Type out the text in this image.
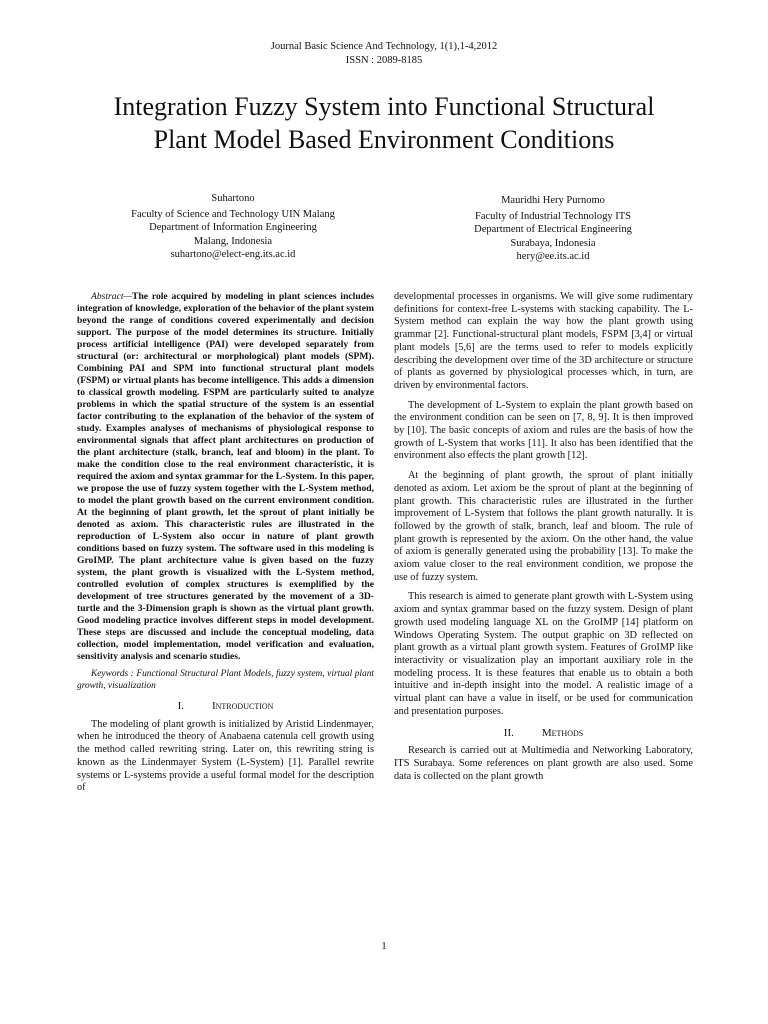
Journal Basic Science And Technology, 1(1),1-4,2012
ISSN : 2089-8185
Integration Fuzzy System into Functional Structural
Plant Model Based Environment Conditions
Suhartono
Faculty of Science and Technology UIN Malang
Department of Information Engineering
Malang, Indonesia
suhartono@elect-eng.its.ac.id
Mauridhi Hery Purnomo
Faculty of Industrial Technology ITS
Department of Electrical Engineering
Surabaya, Indonesia
hery@ee.its.ac.id

Abstract—The role acquired by modeling in plant sciences includes integration of knowledge, exploration of the behavior of the plant system beyond the range of conditions covered experimentally and decision support. The purpose of the model determines its structure. Initially process artificial intelligence (PAI) were developed separately from structural (or: architectural or morphological) plant models (SPM). Combining PAI and SPM into functional structural plant models (FSPM) or virtual plants has become intelligence. This adds a dimension to classical growth modeling. FSPM are particularly suited to analyze problems in which the spatial structure of the system is an essential factor contributing to the explanation of the behavior of the system of study. Examples analyses of mechanisms of physiological response to environmental signals that affect plant architectures on production of the plant architecture (stalk, branch, leaf and bloom) in the plant. To make the condition close to the real environment characteristic, it is required the axiom and syntax grammar for the L-System. In this paper, we propose the use of fuzzy system together with the L-System method, to model the plant growth based on the current environment condition. At the beginning of plant growth, let the sprout of plant initially be denoted as axiom. This characteristic rules are illustrated in the reproduction of L-System also occur in nature of plant growth conditions based on fuzzy system. The software used in this modeling is GroIMP. The plant architecture value is given based on the fuzzy system, the plant growth is visualized with the L-System method, controlled evolution of complex structures is exemplified by the development of tree structures generated by the movement of a 3D-turtle and the 3-Dimension graph is shown as the virtual plant growth. Good modeling practice involves different steps in model development. These steps are discussed and include the conceptual modeling, data collection, model implementation, model verification and evaluation, sensitivity analysis and scenario studies.

Keywords : Functional Structural Plant Models, fuzzy system, virtual plant growth, visualization

I.	Introduction

The modeling of plant growth is initialized by Aristid Lindenmayer, when he introduced the theory of Anabaena catenula cell growth using the method called rewriting string. Later on, this rewriting string is known as the Lindenmayer System (L-System) [1]. Parallel rewrite systems or L-systems provide a useful formal model for the description of

developmental processes in organisms. We will give some rudimentary definitions for context-free L-systems with stacking capability. The L-System method can explain the way how the plant growth using grammar [2]. Functional-structural plant models, FSPM [3,4] or virtual plant models [5,6] are the terms used to refer to models explicitly describing the development over time of the 3D architecture or structure of plants as governed by physiological processes which, in turn, are driven by environmental factors.

The development of L-System to explain the plant growth based on the environment condition can be seen on [7, 8, 9]. It is then improved by [10]. The basic concepts of axiom and rules are the basis of how the growth of L-System that works [11]. It also has been identified that the environment also effects the plant growth [12].

At the beginning of plant growth, the sprout of plant initially denoted as axiom. Let axiom be the sprout of plant at the beginning of plant growth. This characteristic rules are illustrated in the further improvement of L-System that follows the plant growth naturally. It is followed by the growth of stalk, branch, leaf and bloom. The rule of plant growth is represented by the axiom. On the other hand, the value of axiom is generally generated using the probability [13]. To make the axiom value closer to the real environment condition, we propose the use of fuzzy system.

This research is aimed to generate plant growth with L-System using axiom and syntax grammar based on the fuzzy system. Design of plant growth used modeling language XL on the GroIMP [14] platform on Windows Operating System. The output graphic on 3D reflected on plant growth as a virtual plant growth system. Features of GroIMP like interactivity or visualization play an important auxiliary role in the modeling process. It is these features that enable us to obtain a both intuitive and in-depth insight into the model. A realistic image of a virtual plant can have a value in itself, or be used for communication and presentation purposes.

II.	Methods

Research is carried out at Multimedia and Networking Laboratory, ITS Surabaya. Some references on plant growth are also used. Some data is collected on the plant growth

1
